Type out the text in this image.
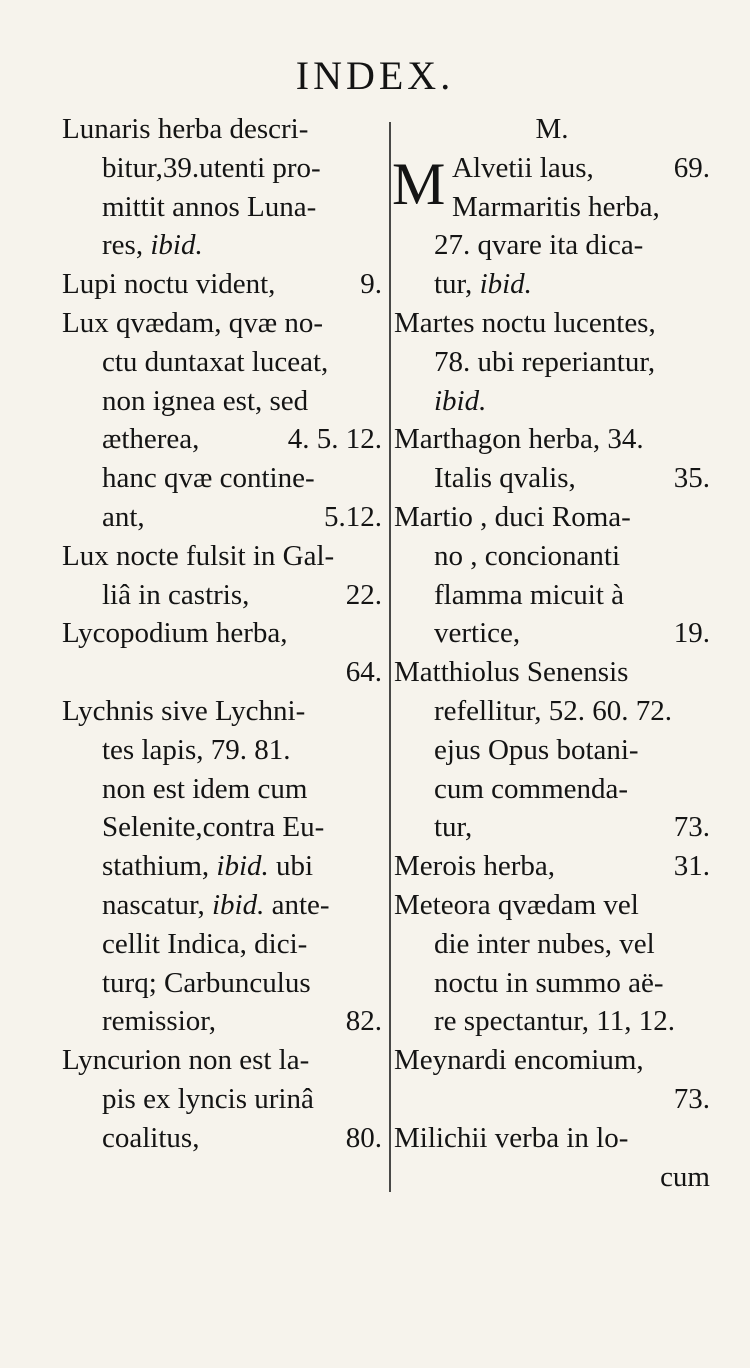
INDEX.
Lunaris herba descri-
bitur,39.utenti pro-
mittit annos Luna-
res, ibid.
Lupi noctu vident,	9.
Lux qvædam, qvæ no-
ctu duntaxat luceat,
non ignea est, sed
ætherea,	4. 5. 12.
hanc qvæ contine-
ant,	5.12.
Lux nocte fulsit in Gal-
liâ in castris,	22.
Lycopodium herba,
64.
Lychnis sive Lychni-
tes lapis, 79. 81.
non est idem cum
Selenite,contra Eu-
stathium, ibid. ubi
nascatur, ibid. ante-
cellit Indica, dici-
turq; Carbunculus
remissior,	82.
Lyncurion non est la-
pis ex lyncis urinâ
coalitus,	80.
M.
M Alvetii laus,	69.
Marmaritis herba,
27. qvare ita dica-
tur, ibid.
Martes noctu lucentes,
78. ubi reperiantur,
ibid.
Marthagon herba, 34.
Italis qvalis,	35.
Martio , duci Roma-
no , concionanti
flamma micuit à
vertice,	19.
Matthiolus Senensis
refellitur, 52. 60. 72.
ejus Opus botani-
cum commenda-
tur,	73.
Merois herba,	31.
Meteora qvædam vel
die inter nubes, vel
noctu in summo aë-
re spectantur, 11, 12.
Meynardi encomium,
73.
Milichii verba in lo-
cum
